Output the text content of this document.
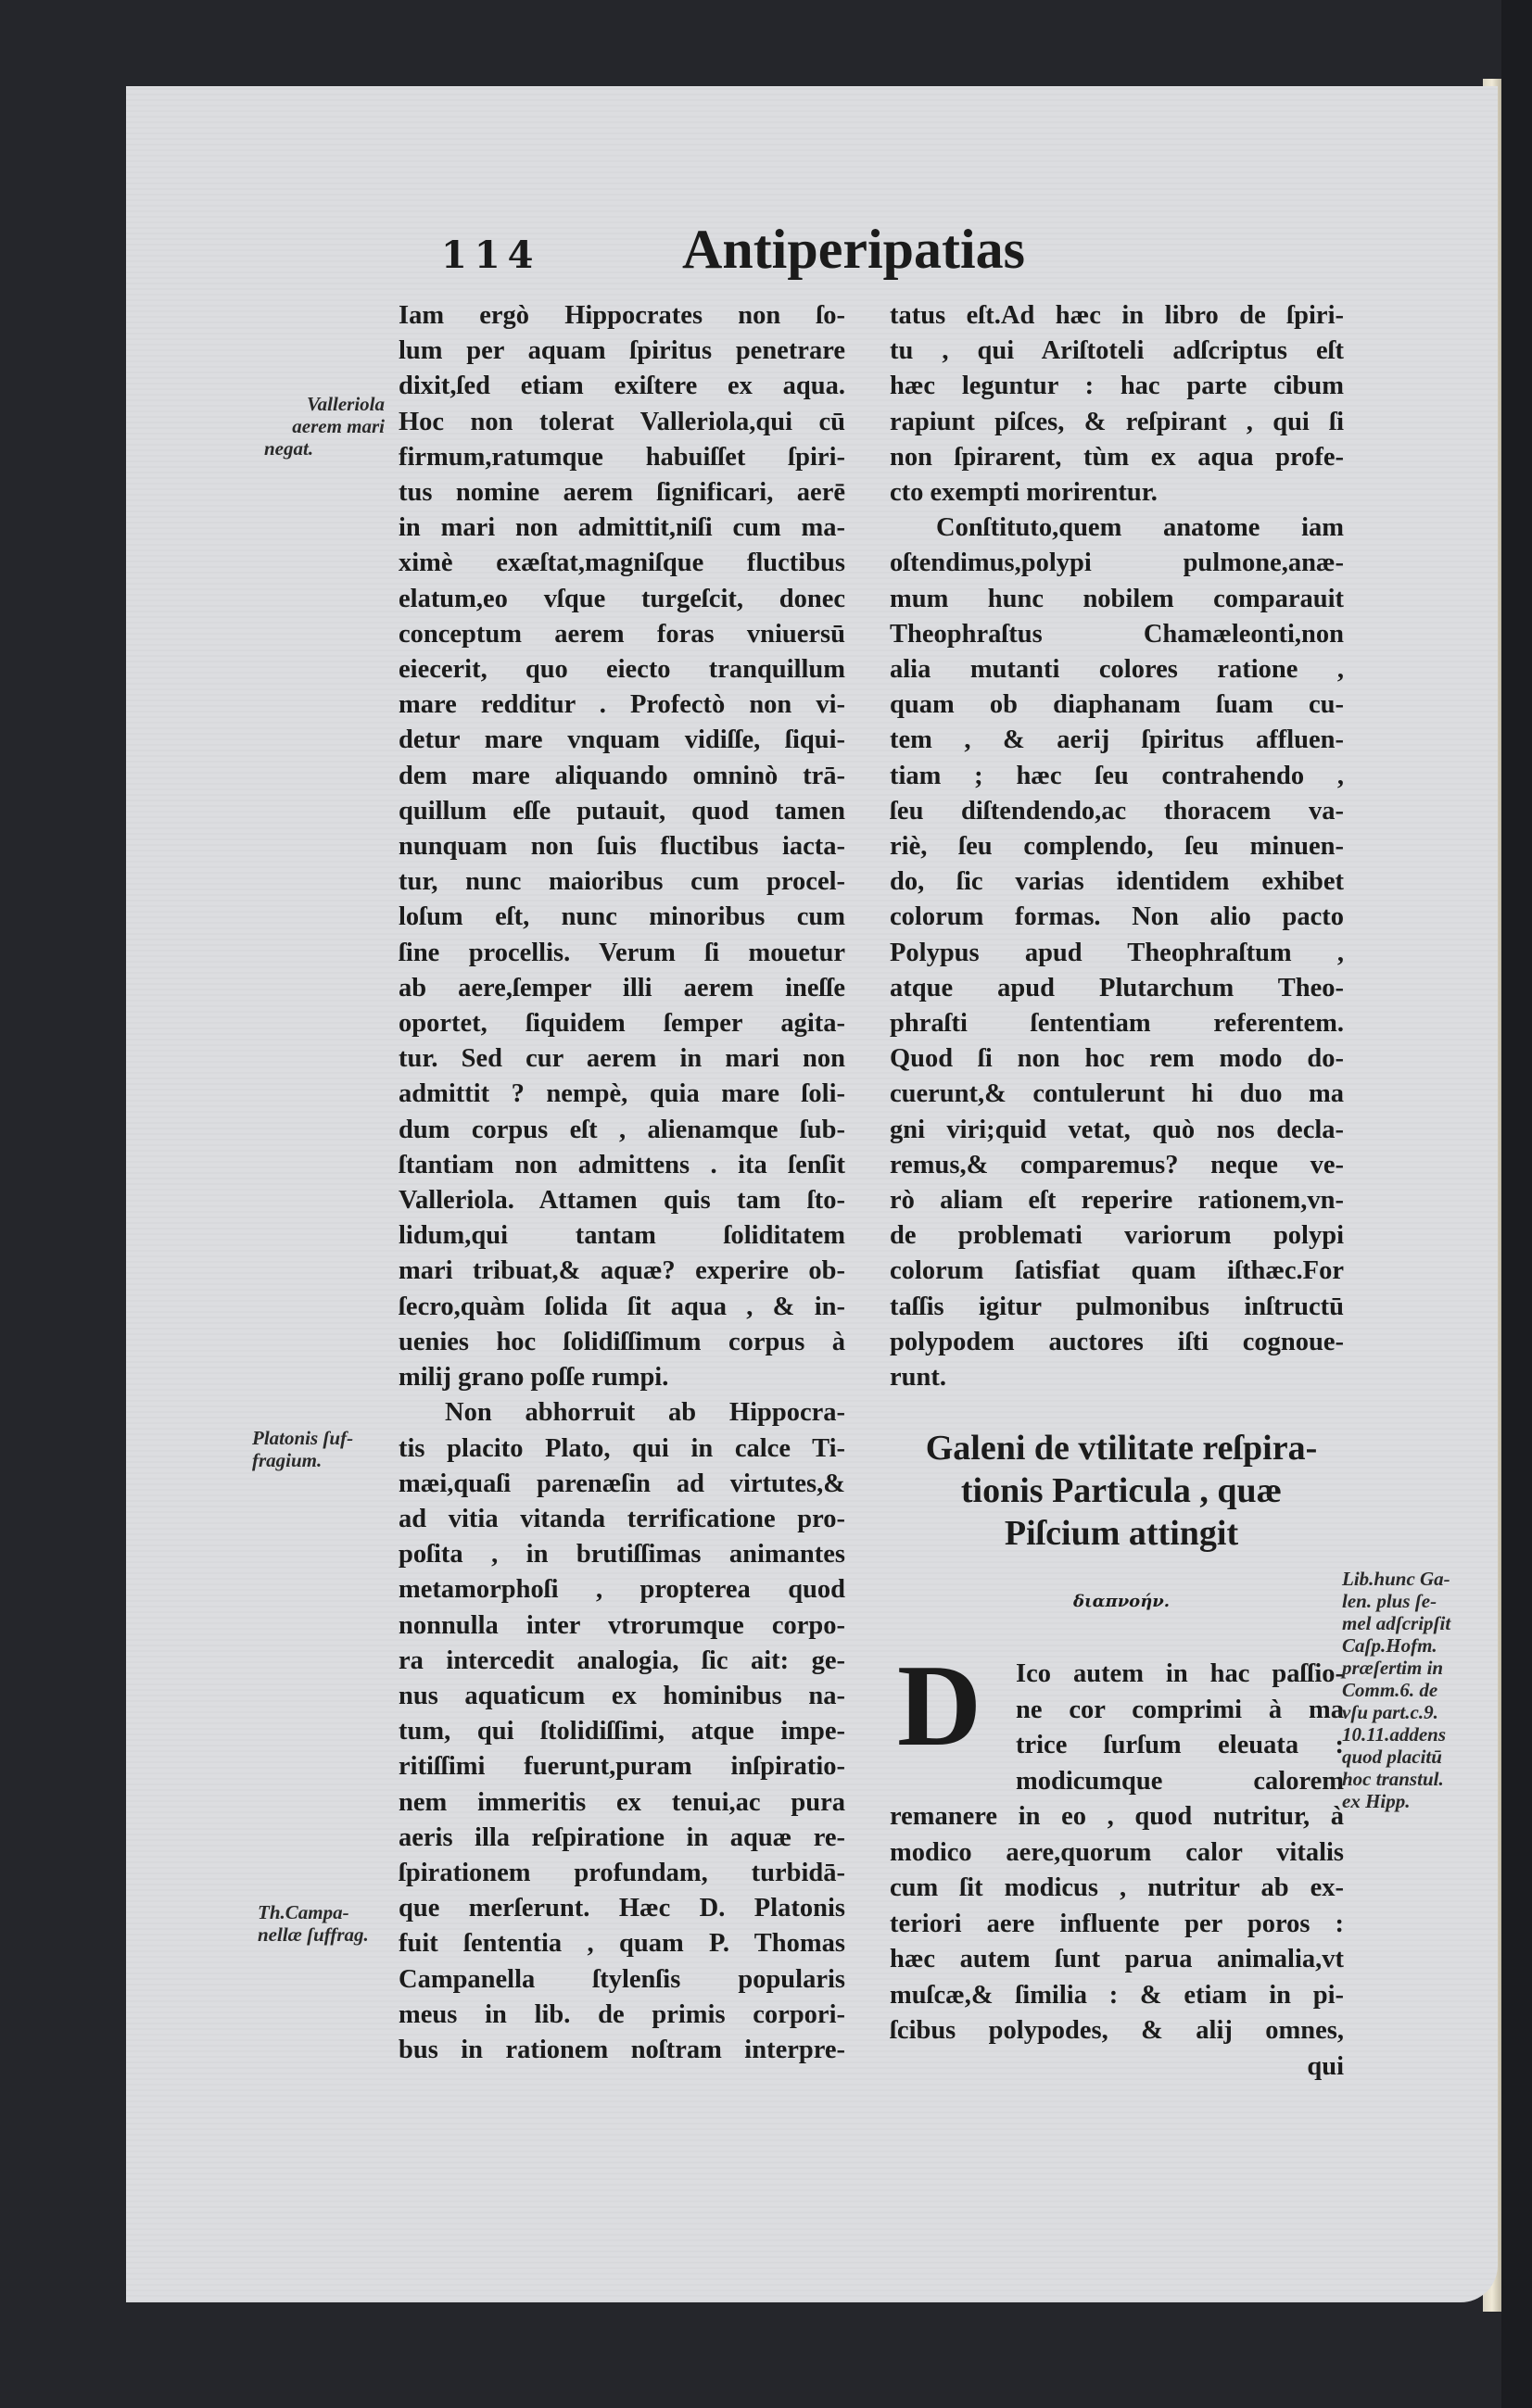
114	Antiperipatias
Valleriola
aerem mari
negat.
Platonis ſuf-
fragium.
Th.Campa-
nellæ ſuffrag.
Iam ergò Hippocrates non ſo-
lum per aquam ſpiritus penetrare
dixit,ſed etiam exiſtere ex aqua.
Hoc non tolerat Valleriola,qui cū
firmum,ratumque habuiſſet ſpiri-
tus nomine aerem ſignificari, aerē
in mari non admittit,niſi cum ma-
ximè exæſtat,magniſque fluctibus
elatum,eo vſque turgeſcit, donec
conceptum aerem foras vniuersū
eiecerit, quo eiecto tranquillum
mare redditur . Profectò non vi-
detur mare vnquam vidiſſe, ſiqui-
dem mare aliquando omninò trā-
quillum eſſe putauit, quod tamen
nunquam non ſuis fluctibus iacta-
tur, nunc maioribus cum procel-
loſum eſt, nunc minoribus cum
ſine procellis. Verum ſi mouetur
ab aere,ſemper illi aerem ineſſe
oportet, ſiquidem ſemper agita-
tur. Sed cur aerem in mari non
admittit ? nempè, quia mare ſoli-
dum corpus eſt , alienamque ſub-
ſtantiam non admittens . ita ſenſit
Valleriola. Attamen quis tam ſto-
lidum,qui tantam ſoliditatem
mari tribuat,& aquæ? experire ob-
ſecro,quàm ſolida ſit aqua , & in-
uenies hoc ſolidiſſimum corpus à
milij grano poſſe rumpi.
Non abhorruit ab Hippocra-
tis placito Plato, qui in calce Ti-
mæi,quaſi parenæſin ad virtutes,&
ad vitia vitanda terrificatione pro-
poſita , in brutiſſimas animantes
metamorphoſi , propterea quod
nonnulla inter vtrorumque corpo-
ra intercedit analogia, ſic ait: ge-
nus aquaticum ex hominibus na-
tum, qui ſtolidiſſimi, atque impe-
ritiſſimi fuerunt,puram inſpiratio-
nem immeritis ex tenui,ac pura
aeris illa reſpiratione in aquæ re-
ſpirationem profundam, turbidā-
que merſerunt. Hæc D. Platonis
fuit ſententia , quam P. Thomas
Campanella ſtylenſis popularis
meus in lib. de primis corpori-
bus in rationem noſtram interpre-
tatus eſt.Ad hæc in libro de ſpiri-
tu , qui Ariſtoteli adſcriptus eſt
hæc leguntur : hac parte cibum
rapiunt piſces, & reſpirant , qui ſi
non ſpirarent, tùm ex aqua profe-
cto exempti morirentur.
Conſtituto,quem anatome iam
oſtendimus,polypi pulmone,anæ-
mum hunc nobilem comparauit
Theophraſtus Chamæleonti,non
alia mutanti colores ratione ,
quam ob diaphanam ſuam cu-
tem , & aerij ſpiritus affluen-
tiam ; hæc ſeu contrahendo ,
ſeu diſtendendo,ac thoracem va-
riè, ſeu complendo, ſeu minuen-
do, ſic varias identidem exhibet
colorum formas. Non alio pacto
Polypus apud Theophraſtum ,
atque apud Plutarchum Theo-
phraſti ſententiam referentem.
Quod ſi non hoc rem modo do-
cuerunt,& contulerunt hi duo ma
gni viri;quid vetat, quò nos decla-
remus,& comparemus? neque ve-
rò aliam eſt reperire rationem,vn-
de problemati variorum polypi
colorum ſatisfiat quam iſthæc.For
taſſis igitur pulmonibus inſtructū
polypodem auctores iſti cognoue-
runt.
Galeni de vtilitate reſpira-
tionis Particula , quæ
Piſcium attingit
διαπνοήν.
D	Ico autem in hac paſſio-
ne cor comprimi à ma
trice ſurſum eleuata :
modicumque calorem
remanere in eo , quod nutritur, à
modico aere,quorum calor vitalis
cum ſit modicus , nutritur ab ex-
teriori aere influente per poros :
hæc autem ſunt parua animalia,vt
muſcæ,& ſimilia : & etiam in pi-
ſcibus polypodes, & alij omnes,
qui
Lib.hunc Ga-
len. plus ſe-
mel adſcripſit
Caſp.Hofm.
præſertim in
Comm.6. de
vſu part.c.9.
10.11.addens
quod placitū
hoc transtul.
ex Hipp.
